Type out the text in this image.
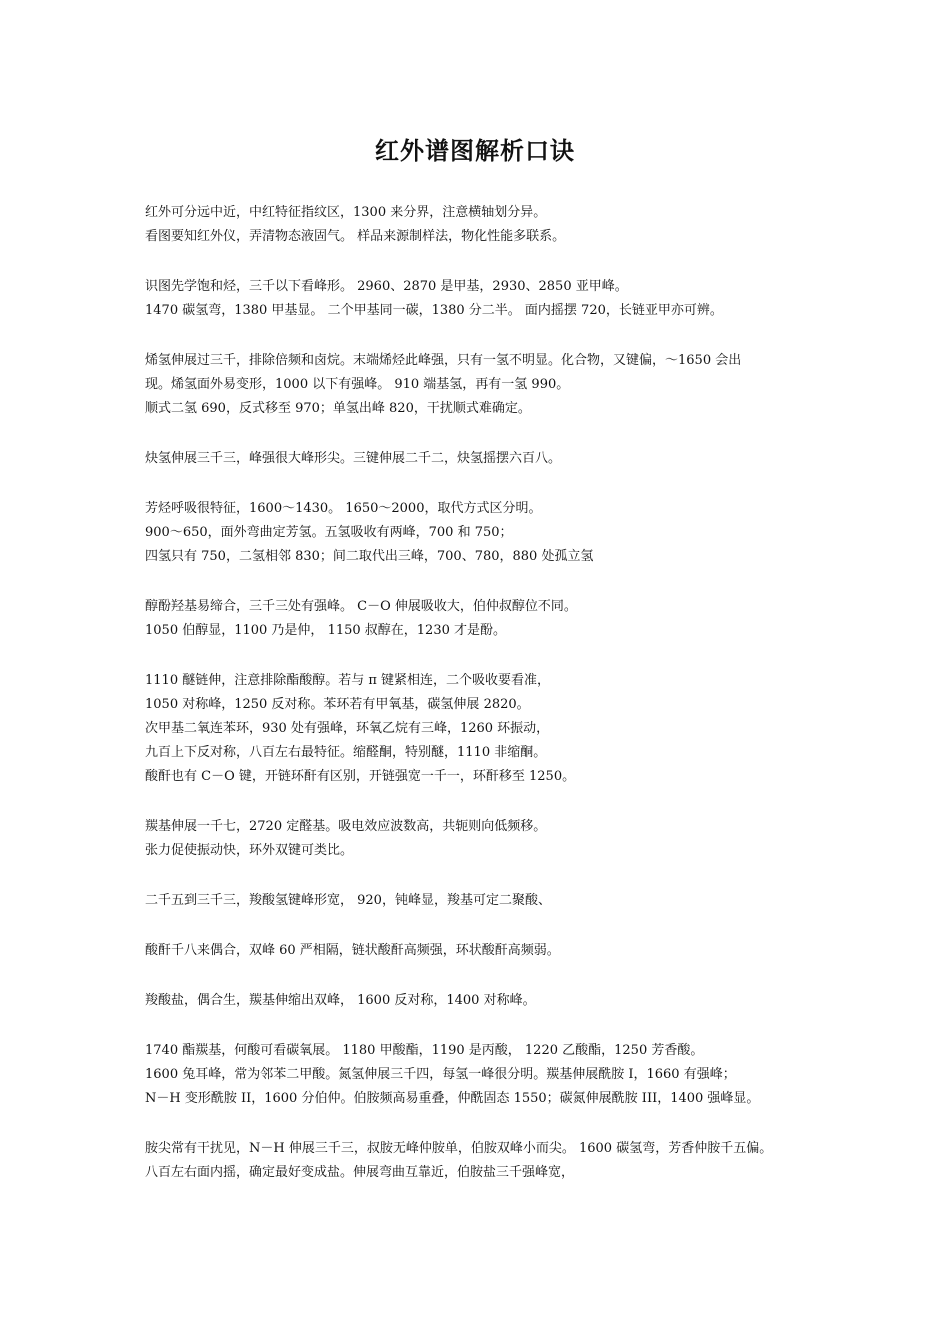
红外谱图解析口诀
红外可分远中近，中红特征指纹区，1300 来分界，注意横轴划分异。
看图要知红外仪，弄清物态液固气。 样品来源制样法，物化性能多联系。
识图先学饱和烃，三千以下看峰形。 2960、2870 是甲基，2930、2850 亚甲峰。
1470 碳氢弯，1380 甲基显。 二个甲基同一碳，1380 分二半。 面内摇摆 720，长链亚甲亦可辨。
烯氢伸展过三千，排除倍频和卤烷。末端烯烃此峰强，只有一氢不明显。化合物，又键偏，～1650 会出
现。烯氢面外易变形，1000 以下有强峰。 910 端基氢，再有一氢 990。
顺式二氢 690，反式移至 970；单氢出峰 820，干扰顺式难确定。
炔氢伸展三千三，峰强很大峰形尖。三键伸展二千二，炔氢摇摆六百八。
芳烃呼吸很特征，1600～1430。 1650～2000，取代方式区分明。
900～650，面外弯曲定芳氢。五氢吸收有两峰，700 和 750；
四氢只有 750，二氢相邻 830；间二取代出三峰，700、780，880 处孤立氢
醇酚羟基易缔合，三千三处有强峰。 C－O 伸展吸收大，伯仲叔醇位不同。
1050 伯醇显，1100 乃是仲， 1150 叔醇在，1230 才是酚。
1110 醚链伸，注意排除酯酸醇。若与 π 键紧相连，二个吸收要看准，
1050 对称峰，1250 反对称。苯环若有甲氧基，碳氢伸展 2820。
次甲基二氧连苯环，930 处有强峰，环氧乙烷有三峰，1260 环振动，
九百上下反对称，八百左右最特征。缩醛酮，特别醚，1110 非缩酮。
酸酐也有 C－O 键，开链环酐有区别，开链强宽一千一，环酐移至 1250。
羰基伸展一千七，2720 定醛基。吸电效应波数高，共轭则向低频移。
张力促使振动快，环外双键可类比。
二千五到三千三，羧酸氢键峰形宽， 920，钝峰显，羧基可定二聚酸、
酸酐千八来偶合，双峰 60 严相隔，链状酸酐高频强，环状酸酐高频弱。
羧酸盐，偶合生，羰基伸缩出双峰， 1600 反对称，1400 对称峰。
1740 酯羰基，何酸可看碳氧展。 1180 甲酸酯，1190 是丙酸， 1220 乙酸酯，1250 芳香酸。
1600 兔耳峰，常为邻苯二甲酸。氮氢伸展三千四，每氢一峰很分明。羰基伸展酰胺 I，1660 有强峰；
N－H 变形酰胺 II，1600 分伯仲。伯胺频高易重叠，仲酰固态 1550；碳氮伸展酰胺 III，1400 强峰显。
胺尖常有干扰见，N－H 伸展三千三，叔胺无峰仲胺单，伯胺双峰小而尖。 1600 碳氢弯，芳香仲胺千五偏。
八百左右面内摇，确定最好变成盐。伸展弯曲互靠近，伯胺盐三千强峰宽，
